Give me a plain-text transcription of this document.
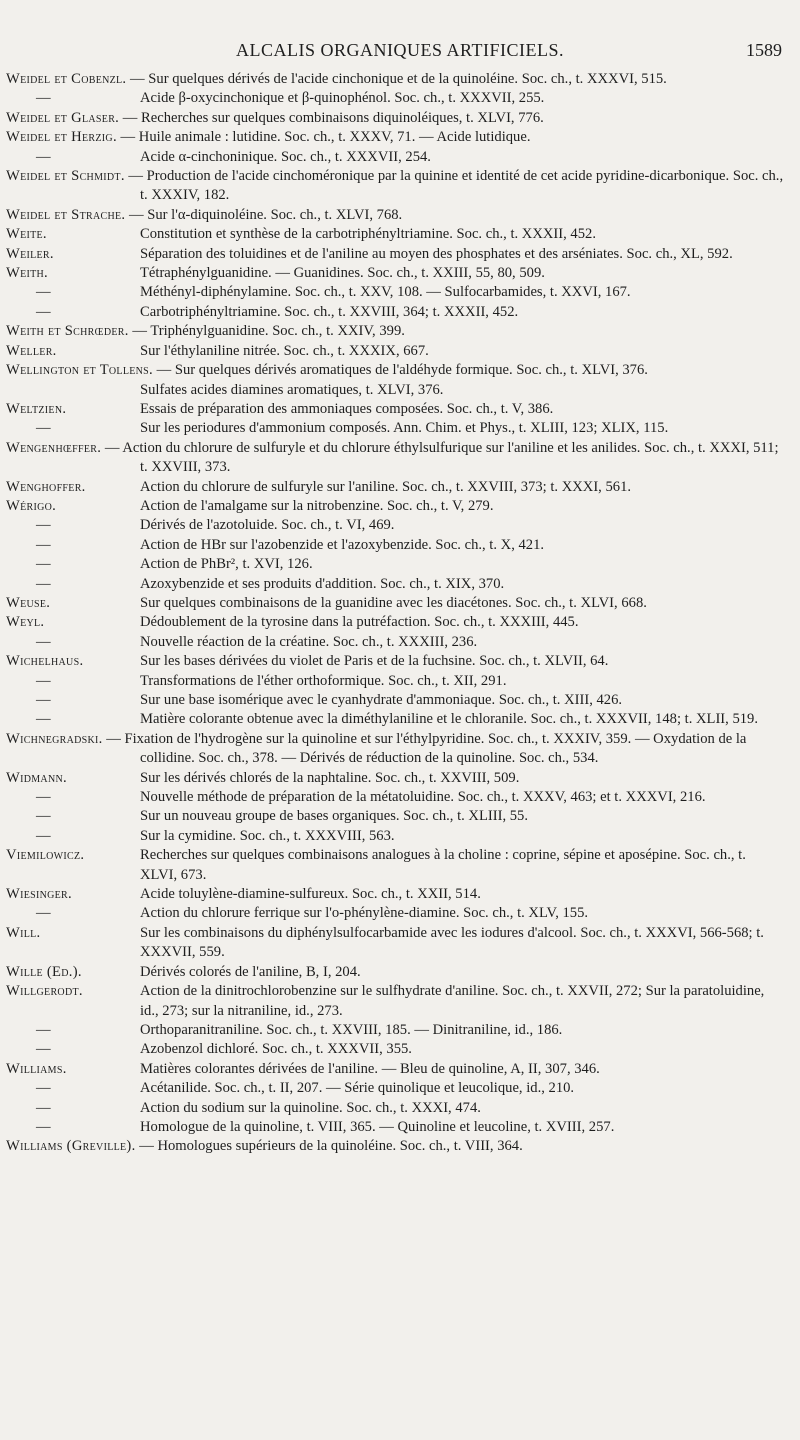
ALCALIS ORGANIQUES ARTIFICIELS.	1589
Weidel et Cobenzl. — Sur quelques dérivés de l'acide cinchonique et de la quinoléine. Soc. ch., t. XXXVI, 515.
—	Acide β-oxycinchonique et β-quinophénol. Soc. ch., t. XXXVII, 255.
Weidel et Glaser. — Recherches sur quelques combinaisons diquinoléiques, t. XLVI, 776.
Weidel et Herzig. — Huile animale : lutidine. Soc. ch., t. XXXV, 71. — Acide lutidique.
—	Acide α-cinchoninique. Soc. ch., t. XXXVII, 254.
Weidel et Schmidt. — Production de l'acide cinchoméronique par la quinine et identité de cet acide pyridine-dicarbonique. Soc. ch., t. XXXIV, 182.
Weidel et Strache. — Sur l'α-diquinoléine. Soc. ch., t. XLVI, 768.
Weite.	Constitution et synthèse de la carbotriphényltriamine. Soc. ch., t. XXXII, 452.
Weiler.	Séparation des toluidines et de l'aniline au moyen des phosphates et des arséniates. Soc. ch., XL, 592.
Weith.	Tétraphénylguanidine. — Guanidines. Soc. ch., t. XXIII, 55, 80, 509.
—	Méthényl-diphénylamine. Soc. ch., t. XXV, 108. — Sulfocarbamides, t. XXVI, 167.
—	Carbotriphényltriamine. Soc. ch., t. XXVIII, 364; t. XXXII, 452.
Weith et Schrœder. — Triphénylguanidine. Soc. ch., t. XXIV, 399.
Weller.	Sur l'éthylaniline nitrée. Soc. ch., t. XXXIX, 667.
Wellington et Tollens. — Sur quelques dérivés aromatiques de l'aldéhyde formique. Soc. ch., t. XLVI, 376.
Sulfates acides diamines aromatiques, t. XLVI, 376.
Weltzien.	Essais de préparation des ammoniaques composées. Soc. ch., t. V, 386.
—	Sur les periodures d'ammonium composés. Ann. Chim. et Phys., t. XLIII, 123; XLIX, 115.
Wengenhœffer. — Action du chlorure de sulfuryle et du chlorure éthylsulfurique sur l'aniline et les anilides. Soc. ch., t. XXXI, 511; t. XXVIII, 373.
Wenghoffer.	Action du chlorure de sulfuryle sur l'aniline. Soc. ch., t. XXVIII, 373; t. XXXI, 561.
Wérigo.	Action de l'amalgame sur la nitrobenzine. Soc. ch., t. V, 279.
—	Dérivés de l'azotoluide. Soc. ch., t. VI, 469.
—	Action de HBr sur l'azobenzide et l'azoxybenzide. Soc. ch., t. X, 421.
—	Action de PhBr², t. XVI, 126.
—	Azoxybenzide et ses produits d'addition. Soc. ch., t. XIX, 370.
Weuse.	Sur quelques combinaisons de la guanidine avec les diacétones. Soc. ch., t. XLVI, 668.
Weyl.	Dédoublement de la tyrosine dans la putréfaction. Soc. ch., t. XXXIII, 445.
—	Nouvelle réaction de la créatine. Soc. ch., t. XXXIII, 236.
Wichelhaus.	Sur les bases dérivées du violet de Paris et de la fuchsine. Soc. ch., t. XLVII, 64.
—	Transformations de l'éther orthoformique. Soc. ch., t. XII, 291.
—	Sur une base isomérique avec le cyanhydrate d'ammoniaque. Soc. ch., t. XIII, 426.
—	Matière colorante obtenue avec la diméthylaniline et le chloranile. Soc. ch., t. XXXVII, 148; t. XLII, 519.
Wichnegradski. — Fixation de l'hydrogène sur la quinoline et sur l'éthylpyridine. Soc. ch., t. XXXIV, 359. — Oxydation de la collidine. Soc. ch., 378. — Dérivés de réduction de la quinoline. Soc. ch., 534.
Widmann.	Sur les dérivés chlorés de la naphtaline. Soc. ch., t. XXVIII, 509.
—	Nouvelle méthode de préparation de la métatoluidine. Soc. ch., t. XXXV, 463; et t. XXXVI, 216.
—	Sur un nouveau groupe de bases organiques. Soc. ch., t. XLIII, 55.
—	Sur la cymidine. Soc. ch., t. XXXVIII, 563.
Viemilowicz.	Recherches sur quelques combinaisons analogues à la choline : coprine, sépine et aposépine. Soc. ch., t. XLVI, 673.
Wiesinger.	Acide toluylène-diamine-sulfureux. Soc. ch., t. XXII, 514.
—	Action du chlorure ferrique sur l'o-phénylène-diamine. Soc. ch., t. XLV, 155.
Will.	Sur les combinaisons du diphénylsulfocarbamide avec les iodures d'alcool. Soc. ch., t. XXXVI, 566-568; t. XXXVII, 559.
Wille (Ed.).	Dérivés colorés de l'aniline, B, I, 204.
Willgerodt.	Action de la dinitrochlorobenzine sur le sulfhydrate d'aniline. Soc. ch., t. XXVII, 272; Sur la paratoluidine, id., 273; sur la nitraniline, id., 273.
—	Orthoparanitraniline. Soc. ch., t. XXVIII, 185. — Dinitraniline, id., 186.
—	Azobenzol dichloré. Soc. ch., t. XXXVII, 355.
Williams.	Matières colorantes dérivées de l'aniline. — Bleu de quinoline, A, II, 307, 346.
—	Acétanilide. Soc. ch., t. II, 207. — Série quinolique et leucolique, id., 210.
—	Action du sodium sur la quinoline. Soc. ch., t. XXXI, 474.
—	Homologue de la quinoline, t. VIII, 365. — Quinoline et leucoline, t. XVIII, 257.
Williams (Greville). — Homologues supérieurs de la quinoléine. Soc. ch., t. VIII, 364.
